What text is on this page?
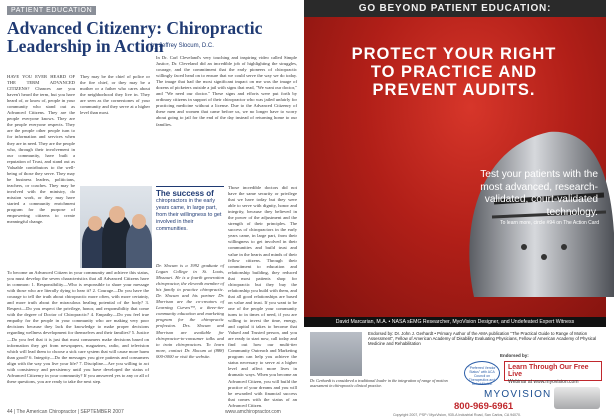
PATIENT EDUCATION
Advanced Citizenry: Chiropractic Leadership in Action
by Jeffrey Slocum, D.C.

HAVE YOU EVER HEARD OF THE TERM ADVANCED CITIZENS? Chances are you haven't heard the term, but you have heard of, or know of, people in your community who stand out as Advanced Citizens. They are the people everyone knows. They are the people everyone respects. They are the people other people turn to for information and services when they are in need. They are the people who, through their involvement in our community, have built a reputation of Trust, and stand out as Valuable contributors to the well-being of those they serve. They may be business leaders, politicians, teachers, or coaches. They may be involved with the ministry, do mission work, or they may have started a community enrichment program for the purpose of empowering citizens to create meaningful change.

They may be the chief of police or the fire chief, or they may be a mother or a father who cares about the neighborhood they live in. They are seen as the cornerstones of your community and they serve at a higher level than most.

To become an Advanced Citizen in your community and achieve this status, you must develop the seven characteristics that all Advanced Citizens have in common: 1. Responsibility—Who is responsible to share your message with those who are literally dying to hear it? 2. Courage—Do you have the courage to tell the truth about chiropractic more often, with more certainty, and more truth about the miraculous healing potential of the body? 3. Respect—Do you respect the privilege, honor, and responsibility that come with the degree of Doctor of Chiropractic? 4. Empathy—Do you feel true empathy for the people in your community who are making very poor decisions because they lack the knowledge to make proper decisions regarding wellness development for themselves and their families? 5. Justice—Do you feel that it is just that most consumers make decisions based on information they get from newspapers, magazines, radio, and television which will lead them to choose a sick care system that will cause more harm than good? 6. Integrity—Do the messages you give patients and consumers align with the way you live your life? 7. Discipline—Are you willing to act with consistency and persistency until you have developed the status of Advanced Citizenry in your community? If you answered yes to any or all of these questions, you are ready to take the next step.

In Dr. Carl Cleveland's very touching and inspiring video called Simple Justice, Dr. Cleveland did an incredible job of highlighting the struggles, courage, and the commitment that the early pioneers of chiropractic willingly faced head on to ensure that we could serve the way we do today. The image that had the most significant impact on me was the image of dozens of picketers outside a jail with signs that read, "We want our doctor," and "We need our doctor." These signs and efforts were put forth by ordinary citizens in support of their chiropractor who was jailed unfairly for practicing medicine without a license. Due to the Advanced Citizenry of these men and women that came before us, we no longer have to worry about going to jail for the end of the day instead of returning home to our families.

The success of
chiropractors in the early years came, in large part, from their willingness to get involved in their communities.

Dr. Slocum is a 1992 graduate of Logan College in St. Louis, Missouri. He is a fourth generation chiropractor, the eleventh member of his family to practice chiropractic. Dr. Slocum and his partner Dr. Morrison are the co-creators of Learning Curves™, a three-tier community education and marketing program for the chiropractic profession. Drs. Slocum and Morrison are available for chiropractor-to-consumer talks and to train chiropractors. To learn more, contact Dr. Slocum at (888) 000-0000 or visit the website.

Those incredible doctors did not have the same security or privilege that we have today but they were able to serve with dignity, honor and integrity, because they believed in the power of the adjustment and the strength of their principles. The success of chiropractors in the early years came, in large part, from their willingness to get involved in their communities and build trust and value in the hearts and minds of their fellow citizens. Through their commitment to education and relationship building, they reduced that most patients shop for chiropractic but they buy the relationship you build with them, and that all good relationships are based on value and trust. If you want to be one of the people your community turns to in times of need, if you are willing to invest the time, energy, and capital it takes to become that Valued and Trusted person, and you are ready to start now, call today and find out how our multi-tier Community Outreach and Marketing program can help you achieve the status necessary to serve at a higher level and affect more lives in dramatic ways. When you become an Advanced Citizen, you will build the practice of your dreams and you will be rewarded with financial success that comes with the status of an Advanced Citizen.

44 | The American Chiropractor | SEPTEMBER 2007	www.amchiropractor.com
GO BEYOND PATIENT EDUCATION:
PROTECT YOUR RIGHT TO PRACTICE AND PREVENT AUDITS.
Test your patients with the most advanced, research-validated, court-validated technology.
To learn more, circle #94 on The Action Card
David Marcarian, M.A. • NASA sEMG Researcher, MyoVision Designer, and Undefeated Expert Witness
Endorsed by: Dr. John J. Gerhardt • Primary Author of the AMA publication "The Practical Guide to Range of Motion Assessment", Fellow of American Academy of Disability Evaluating Physicians, Fellow of American Academy of Physical Medicine and Rehabilitation
Dr. Gerhardt is considered a traditional leader in the integration of range of motion assessment in chiropractic clinical practice.
Endorsed by:
"Preferred Vendor Status" with ACA Council on Therapeutics and Rehabilitation
Learn Through Our Free Live
Webinar at www.myovision.com
MYOVISION
800-969-6961
Copyright 2007, PSP / MyoVision, 935-A Industrial Road, San Carlos, CA 94070.
